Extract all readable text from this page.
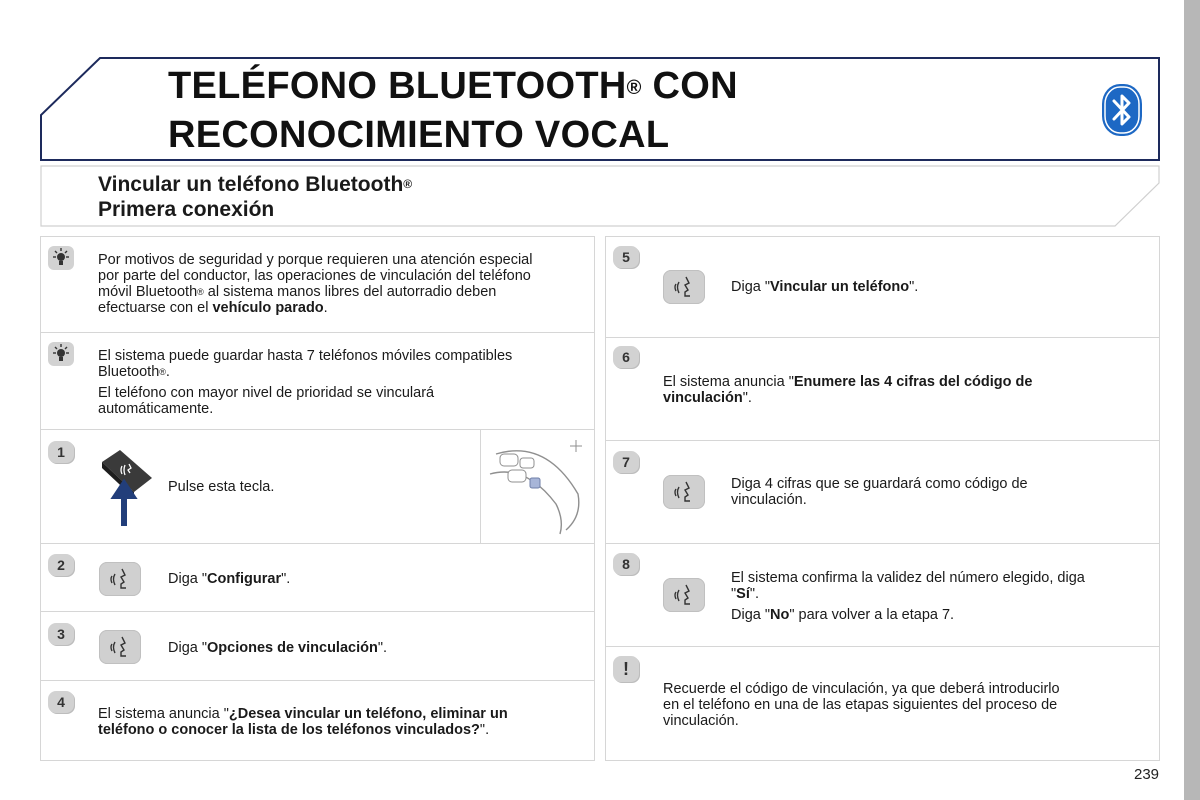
TELÉFONO BLUETOOTH® CON
RECONOCIMIENTO VOCAL
Vincular un teléfono Bluetooth®
Primera conexión
Por motivos de seguridad y porque requieren una atención especial
por parte del conductor, las operaciones de vinculación del teléfono
móvil Bluetooth® al sistema manos libres del autorradio deben
efectuarse con el vehículo parado.
El sistema puede guardar hasta 7 teléfonos móviles compatibles
Bluetooth®.
El teléfono con mayor nivel de prioridad se vinculará
automáticamente.
1
Pulse esta tecla.
2
Diga "Configurar".
3
Diga "Opciones de vinculación".
4
El sistema anuncia "¿Desea vincular un teléfono, eliminar un
teléfono o conocer la lista de los teléfonos vinculados?".
5
Diga "Vincular un teléfono".
6
El sistema anuncia "Enumere las 4 cifras del código de
vinculación".
7
Diga 4 cifras que se guardará como código de
vinculación.
8
El sistema confirma la validez del número elegido, diga
"Sí".
Diga "No" para volver a la etapa 7.
!
Recuerde el código de vinculación, ya que deberá introducirlo
en el teléfono en una de las etapas siguientes del proceso de
vinculación.
239
